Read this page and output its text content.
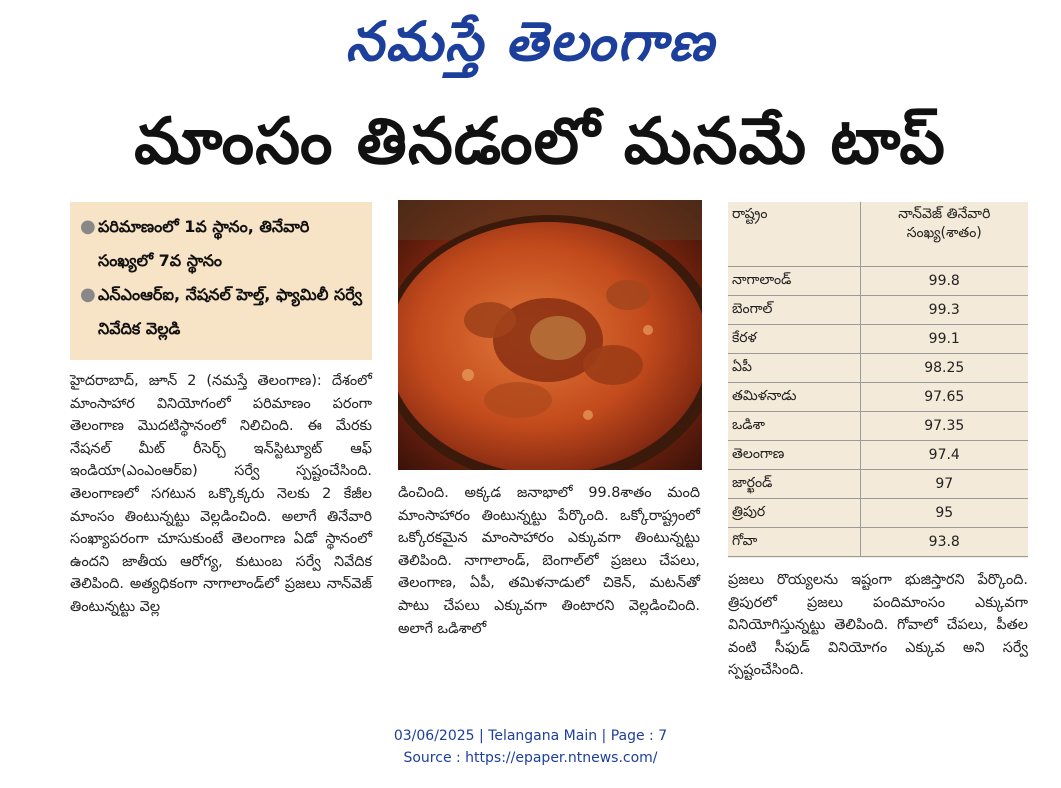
నమస్తే తెలంగాణ
మాంసం తినడంలో మనమే టాప్
● పరిమాణంలో 1వ స్థానం, తినేవారి సంఖ్యలో 7వ స్థానం
● ఎన్ఎంఆర్ఐ, నేషనల్ హెల్త్, ఫ్యామిలీ సర్వే నివేదిక వెల్లడి

హైదరాబాద్, జూన్ 2 (నమస్తే తెలంగాణ): దేశంలో మాంసాహార వినియోగంలో పరిమాణం పరంగా తెలంగాణ మొదటిస్థానంలో నిలిచింది. ఈ మేరకు నేషనల్ మీట్ రీసెర్చ్ ఇన్‌స్టిట్యూట్ ఆఫ్ ఇండియా(ఎంఎంఆర్ఐ) సర్వే స్పష్టంచేసింది. తెలంగాణలో సగటున ఒక్కొక్కరు నెలకు 2 కేజీల మాంసం తింటున్నట్టు వెల్లడించింది. అలాగే తినేవారి సంఖ్యాపరంగా చూసుకుంటే తెలంగాణ ఏడో స్థానంలో ఉందని జాతీయ ఆరోగ్య, కుటుంబ సర్వే నివేదిక తెలిపింది. అత్యధికంగా నాగాలాండ్‌లో ప్రజలు నాన్‌వెజ్ తింటున్నట్టు వెల్ల

డించింది. అక్కడ జనాభాలో 99.8శాతం మంది మాంసాహారం తింటున్నట్టు పేర్కొంది. ఒక్కోరాష్ట్రంలో ఒక్కోరకమైన మాంసాహారం ఎక్కువగా తింటున్నట్టు తెలిపింది. నాగాలాండ్, బెంగాల్‌లో ప్రజలు చేపలు, తెలంగాణ, ఏపీ, తమిళనాడులో చికెన్, మటన్‌తో పాటు చేపలు ఎక్కువగా తింటారని వెల్లడించింది. అలాగే ఒడిశాలో

రాష్ట్రం	నాన్‌వెజ్ తినేవారి సంఖ్య(శాతం)
నాగాలాండ్	99.8
బెంగాల్	99.3
కేరళ	99.1
ఏపీ	98.25
తమిళనాడు	97.65
ఒడిశా	97.35
తెలంగాణ	97.4
జార్ఖండ్	97
త్రిపుర	95
గోవా	93.8

ప్రజలు రొయ్యలను ఇష్టంగా భుజిస్తారని పేర్కొంది. త్రిపురలో ప్రజలు పందిమాంసం ఎక్కువగా వినియోగిస్తున్నట్టు తెలిపింది. గోవాలో చేపలు, పీతల వంటి సీఫుడ్ వినియోగం ఎక్కువ అని సర్వే స్పష్టంచేసింది.

03/06/2025 | Telangana Main | Page : 7
Source : https://epaper.ntnews.com/
